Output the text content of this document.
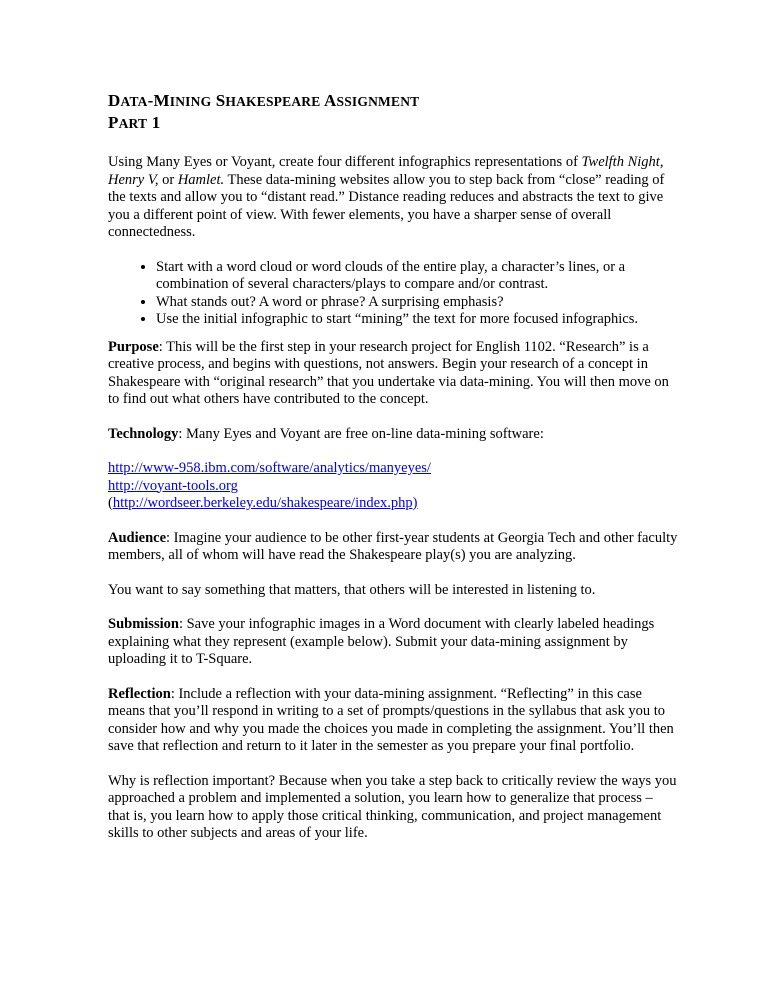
DATA-MINING SHAKESPEARE ASSIGNMENT
PART 1

Using Many Eyes or Voyant, create four different infographics representations of Twelfth Night, Henry V, or Hamlet. These data-mining websites allow you to step back from “close” reading of the texts and allow you to “distant read.” Distance reading reduces and abstracts the text to give you a different point of view. With fewer elements, you have a sharper sense of overall connectedness.

• Start with a word cloud or word clouds of the entire play, a character’s lines, or a combination of several characters/plays to compare and/or contrast.
• What stands out? A word or phrase? A surprising emphasis?
• Use the initial infographic to start “mining” the text for more focused infographics.

Purpose: This will be the first step in your research project for English 1102. “Research” is a creative process, and begins with questions, not answers. Begin your research of a concept in Shakespeare with “original research” that you undertake via data-mining. You will then move on to find out what others have contributed to the concept.

Technology: Many Eyes and Voyant are free on-line data-mining software:

http://www-958.ibm.com/software/analytics/manyeyes/
http://voyant-tools.org
(http://wordseer.berkeley.edu/shakespeare/index.php)

Audience: Imagine your audience to be other first-year students at Georgia Tech and other faculty members, all of whom will have read the Shakespeare play(s) you are analyzing.

You want to say something that matters, that others will be interested in listening to.

Submission: Save your infographic images in a Word document with clearly labeled headings explaining what they represent (example below). Submit your data-mining assignment by uploading it to T-Square.

Reflection: Include a reflection with your data-mining assignment. “Reflecting” in this case means that you’ll respond in writing to a set of prompts/questions in the syllabus that ask you to consider how and why you made the choices you made in completing the assignment. You’ll then save that reflection and return to it later in the semester as you prepare your final portfolio.

Why is reflection important? Because when you take a step back to critically review the ways you approached a problem and implemented a solution, you learn how to generalize that process – that is, you learn how to apply those critical thinking, communication, and project management skills to other subjects and areas of your life.
